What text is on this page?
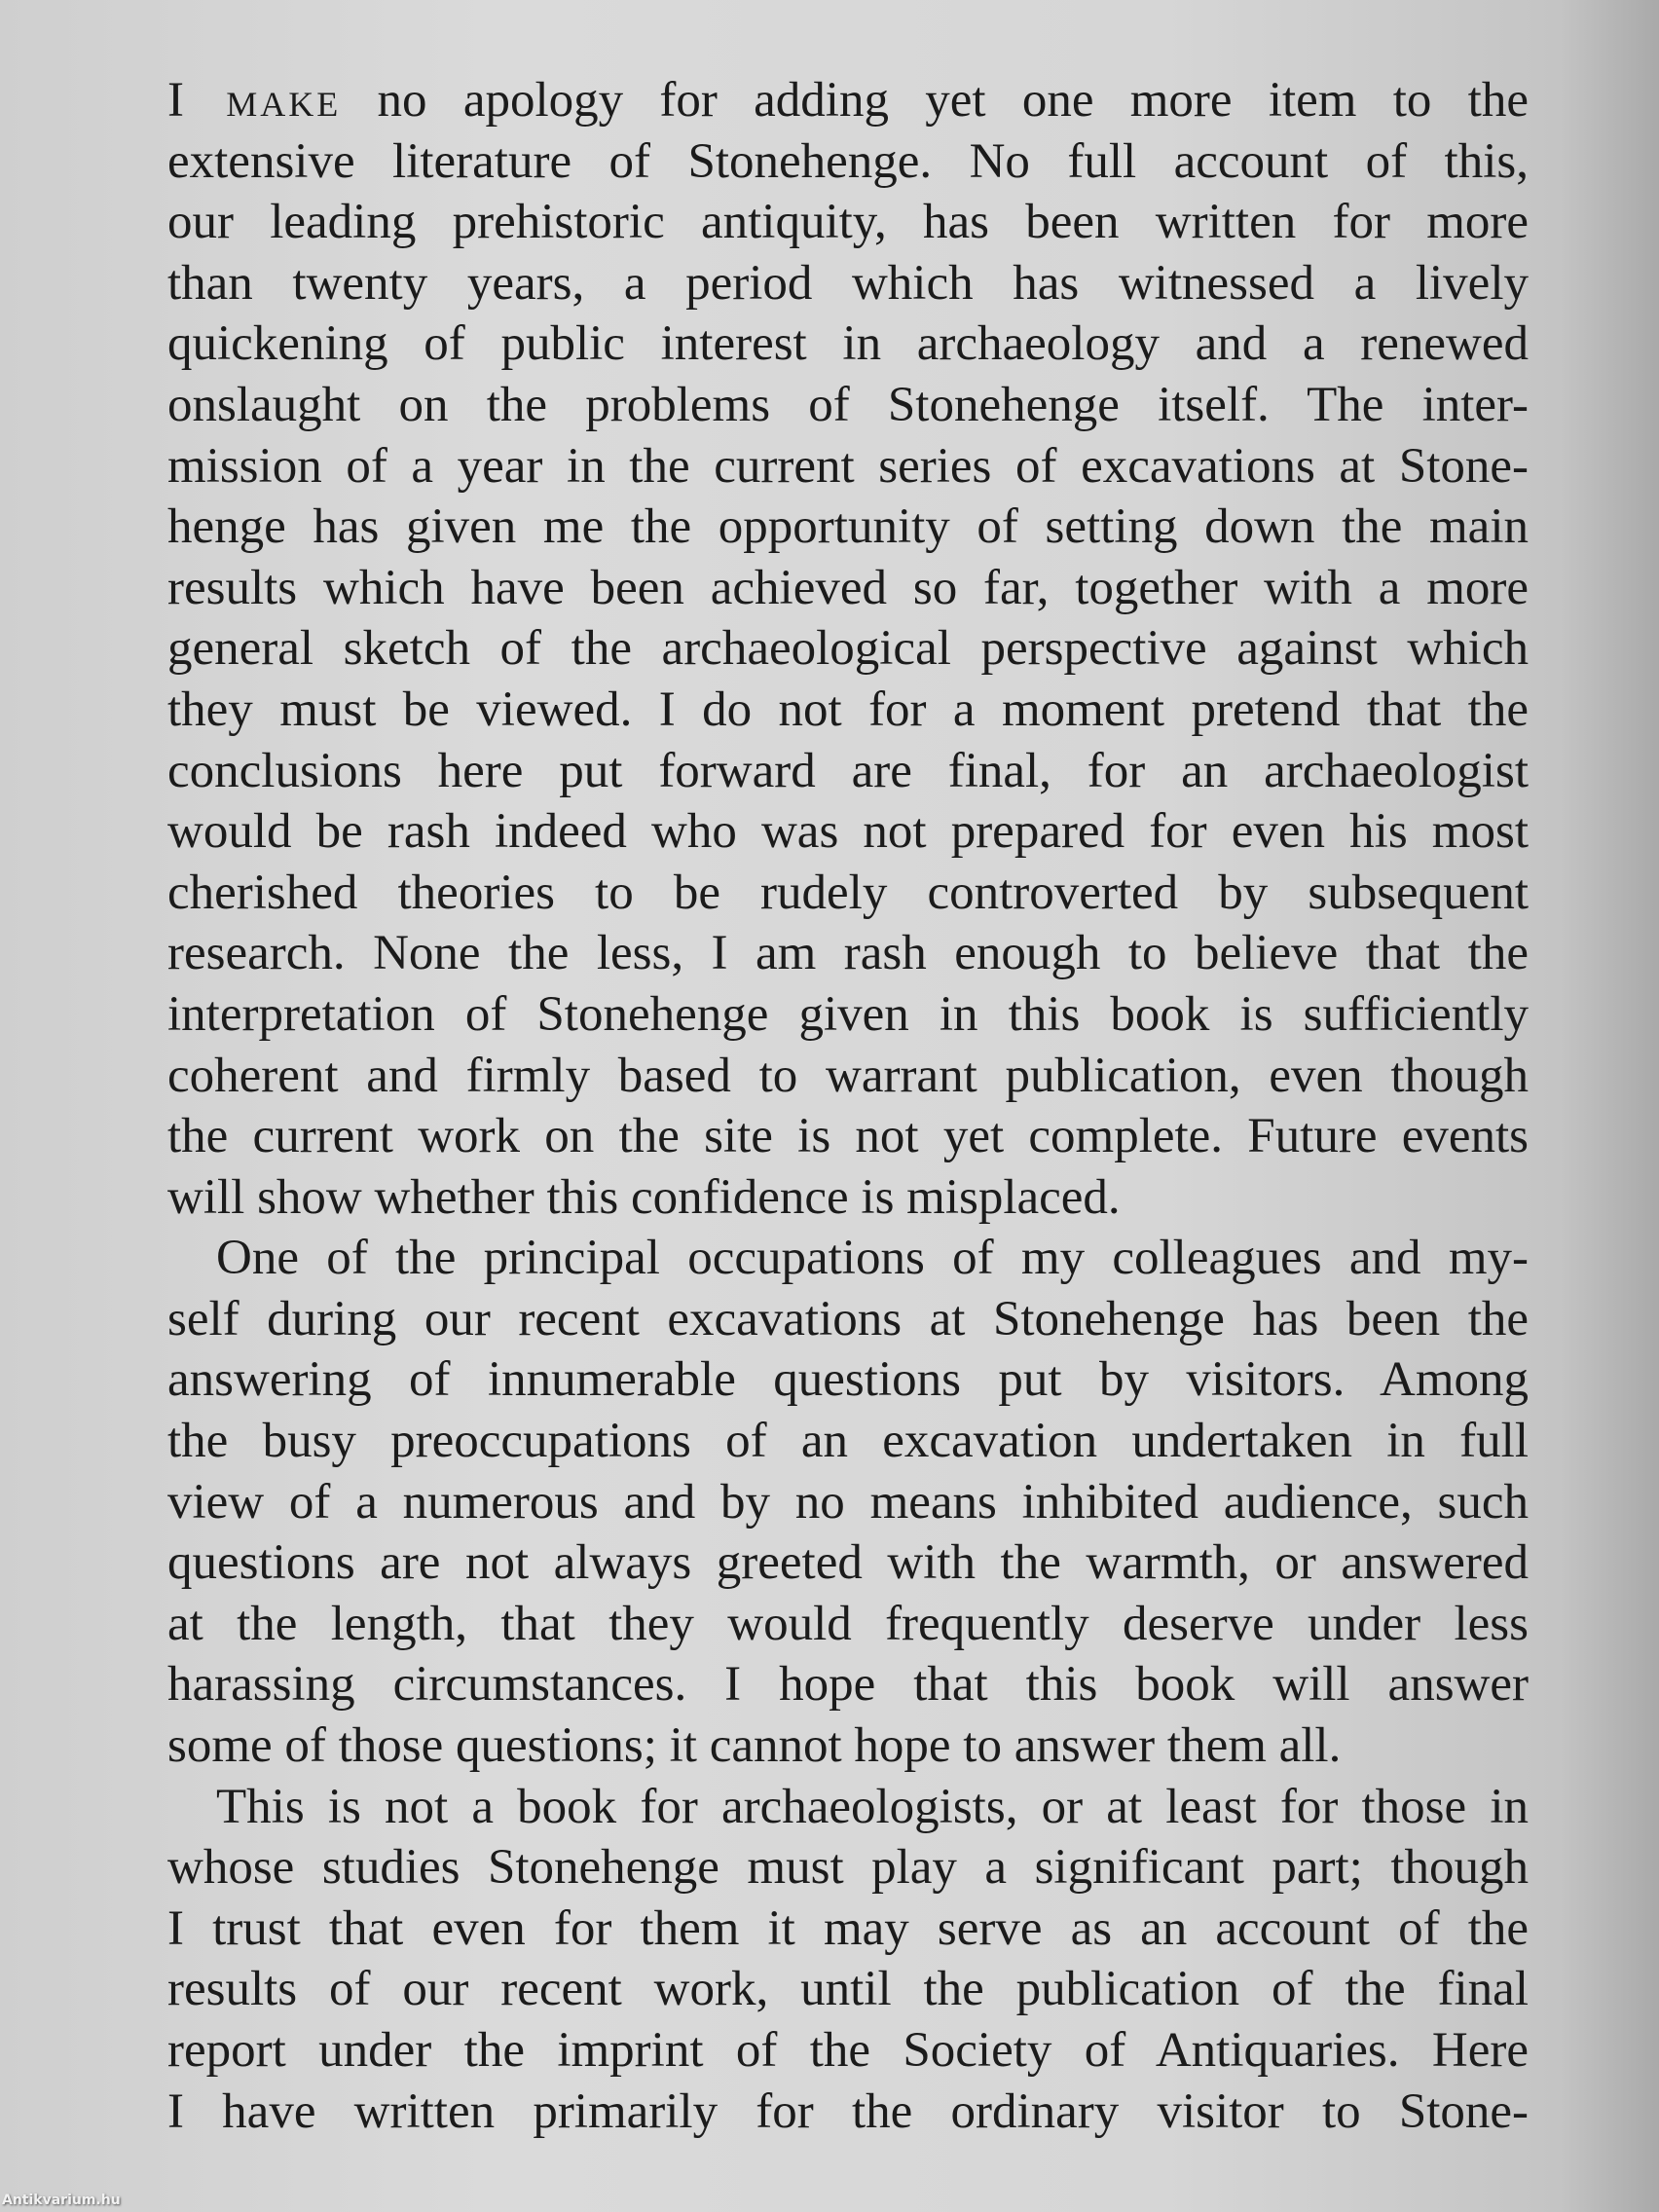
I make no apology for adding yet one more item to the
extensive literature of Stonehenge. No full account of this,
our leading prehistoric antiquity, has been written for more
than twenty years, a period which has witnessed a lively
quickening of public interest in archaeology and a renewed
onslaught on the problems of Stonehenge itself. The inter-
mission of a year in the current series of excavations at Stone-
henge has given me the opportunity of setting down the main
results which have been achieved so far, together with a more
general sketch of the archaeological perspective against which
they must be viewed. I do not for a moment pretend that the
conclusions here put forward are final, for an archaeologist
would be rash indeed who was not prepared for even his most
cherished theories to be rudely controverted by subsequent
research. None the less, I am rash enough to believe that the
interpretation of Stonehenge given in this book is sufficiently
coherent and firmly based to warrant publication, even though
the current work on the site is not yet complete. Future events
will show whether this confidence is misplaced.
One of the principal occupations of my colleagues and my-
self during our recent excavations at Stonehenge has been the
answering of innumerable questions put by visitors. Among
the busy preoccupations of an excavation undertaken in full
view of a numerous and by no means inhibited audience, such
questions are not always greeted with the warmth, or answered
at the length, that they would frequently deserve under less
harassing circumstances. I hope that this book will answer
some of those questions; it cannot hope to answer them all.
This is not a book for archaeologists, or at least for those in
whose studies Stonehenge must play a significant part; though
I trust that even for them it may serve as an account of the
results of our recent work, until the publication of the final
report under the imprint of the Society of Antiquaries. Here
I have written primarily for the ordinary visitor to Stone-
Antikvarium.hu
